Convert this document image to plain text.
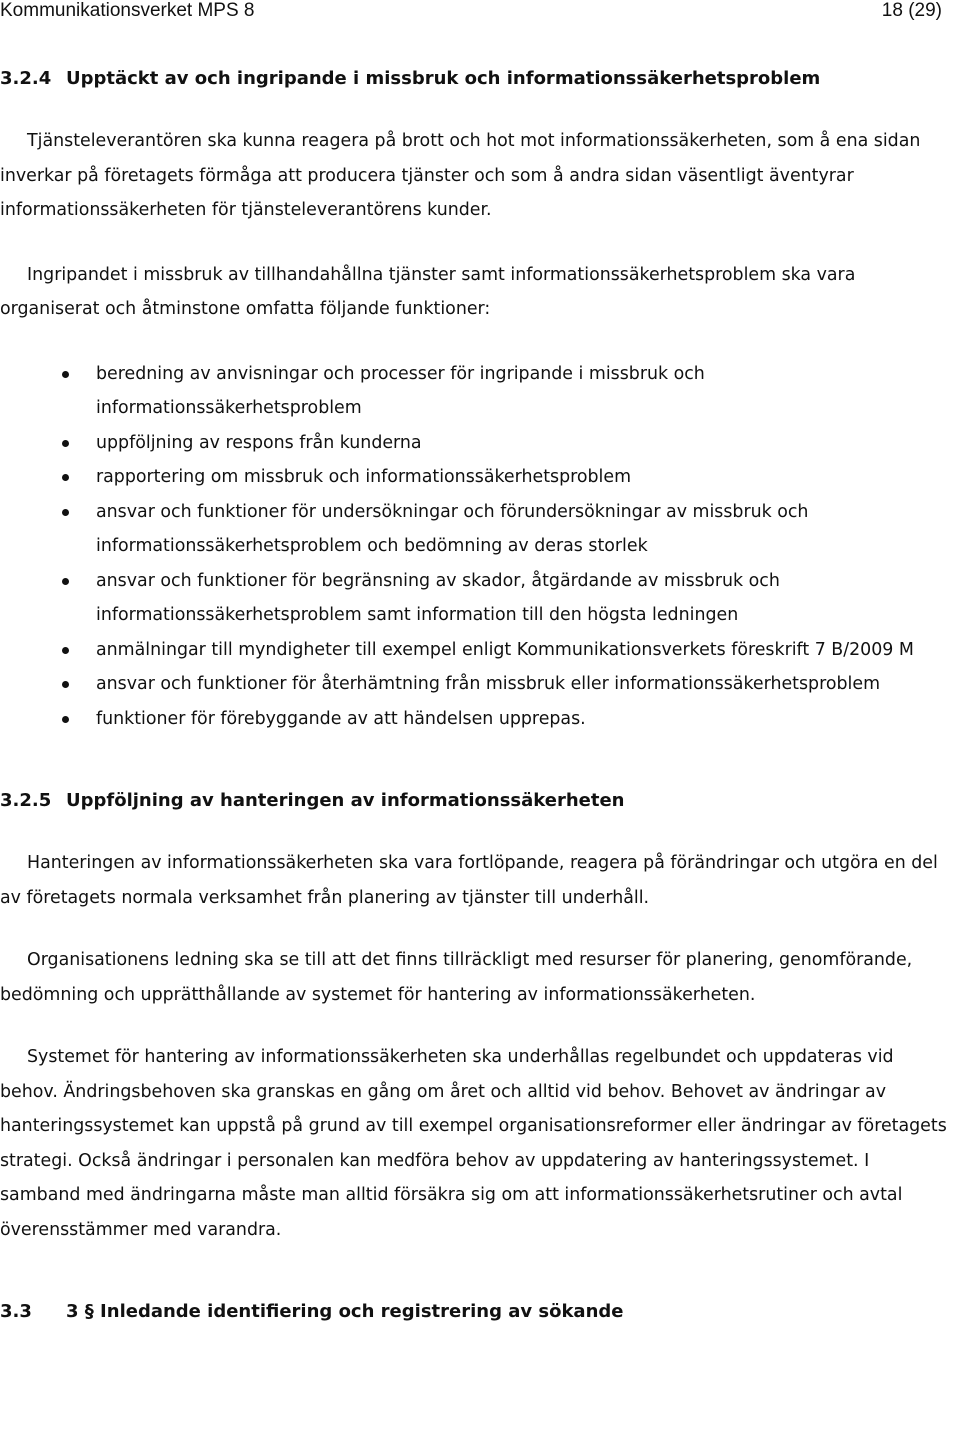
Kommunikationsverket MPS 8	18 (29)
3.2.4 Upptäckt av och ingripande i missbruk och informationssäkerhetsproblem

Tjänsteleverantören ska kunna reagera på brott och hot mot informationssäkerheten, som å ena sidan inverkar på företagets förmåga att producera tjänster och som å andra sidan väsentligt äventyrar informationssäkerheten för tjänsteleverantörens kunder.

Ingripandet i missbruk av tillhandahållna tjänster samt informationssäkerhetsproblem ska vara organiserat och åtminstone omfatta följande funktioner:

beredning av anvisningar och processer för ingripande i missbruk och informationssäkerhetsproblem
uppföljning av respons från kunderna
rapportering om missbruk och informationssäkerhetsproblem
ansvar och funktioner för undersökningar och förundersökningar av missbruk och informationssäkerhetsproblem och bedömning av deras storlek
ansvar och funktioner för begränsning av skador, åtgärdande av missbruk och informationssäkerhetsproblem samt information till den högsta ledningen
anmälningar till myndigheter till exempel enligt Kommunikationsverkets föreskrift 7 B/2009 M
ansvar och funktioner för återhämtning från missbruk eller informationssäkerhetsproblem
funktioner för förebyggande av att händelsen upprepas.
3.2.5 Uppföljning av hanteringen av informationssäkerheten

Hanteringen av informationssäkerheten ska vara fortlöpande, reagera på förändringar och utgöra en del av företagets normala verksamhet från planering av tjänster till underhåll.

Organisationens ledning ska se till att det finns tillräckligt med resurser för planering, genomförande, bedömning och upprätthållande av systemet för hantering av informationssäkerheten.

Systemet för hantering av informationssäkerheten ska underhållas regelbundet och uppdateras vid behov. Ändringsbehoven ska granskas en gång om året och alltid vid behov. Behovet av ändringar av hanteringssystemet kan uppstå på grund av till exempel organisationsreformer eller ändringar av företagets strategi. Också ändringar i personalen kan medföra behov av uppdatering av hanteringssystemet. I samband med ändringarna måste man alltid försäkra sig om att informationssäkerhetsrutiner och avtal överensstämmer med varandra.

3.3 3 § Inledande identifiering och registrering av sökande
